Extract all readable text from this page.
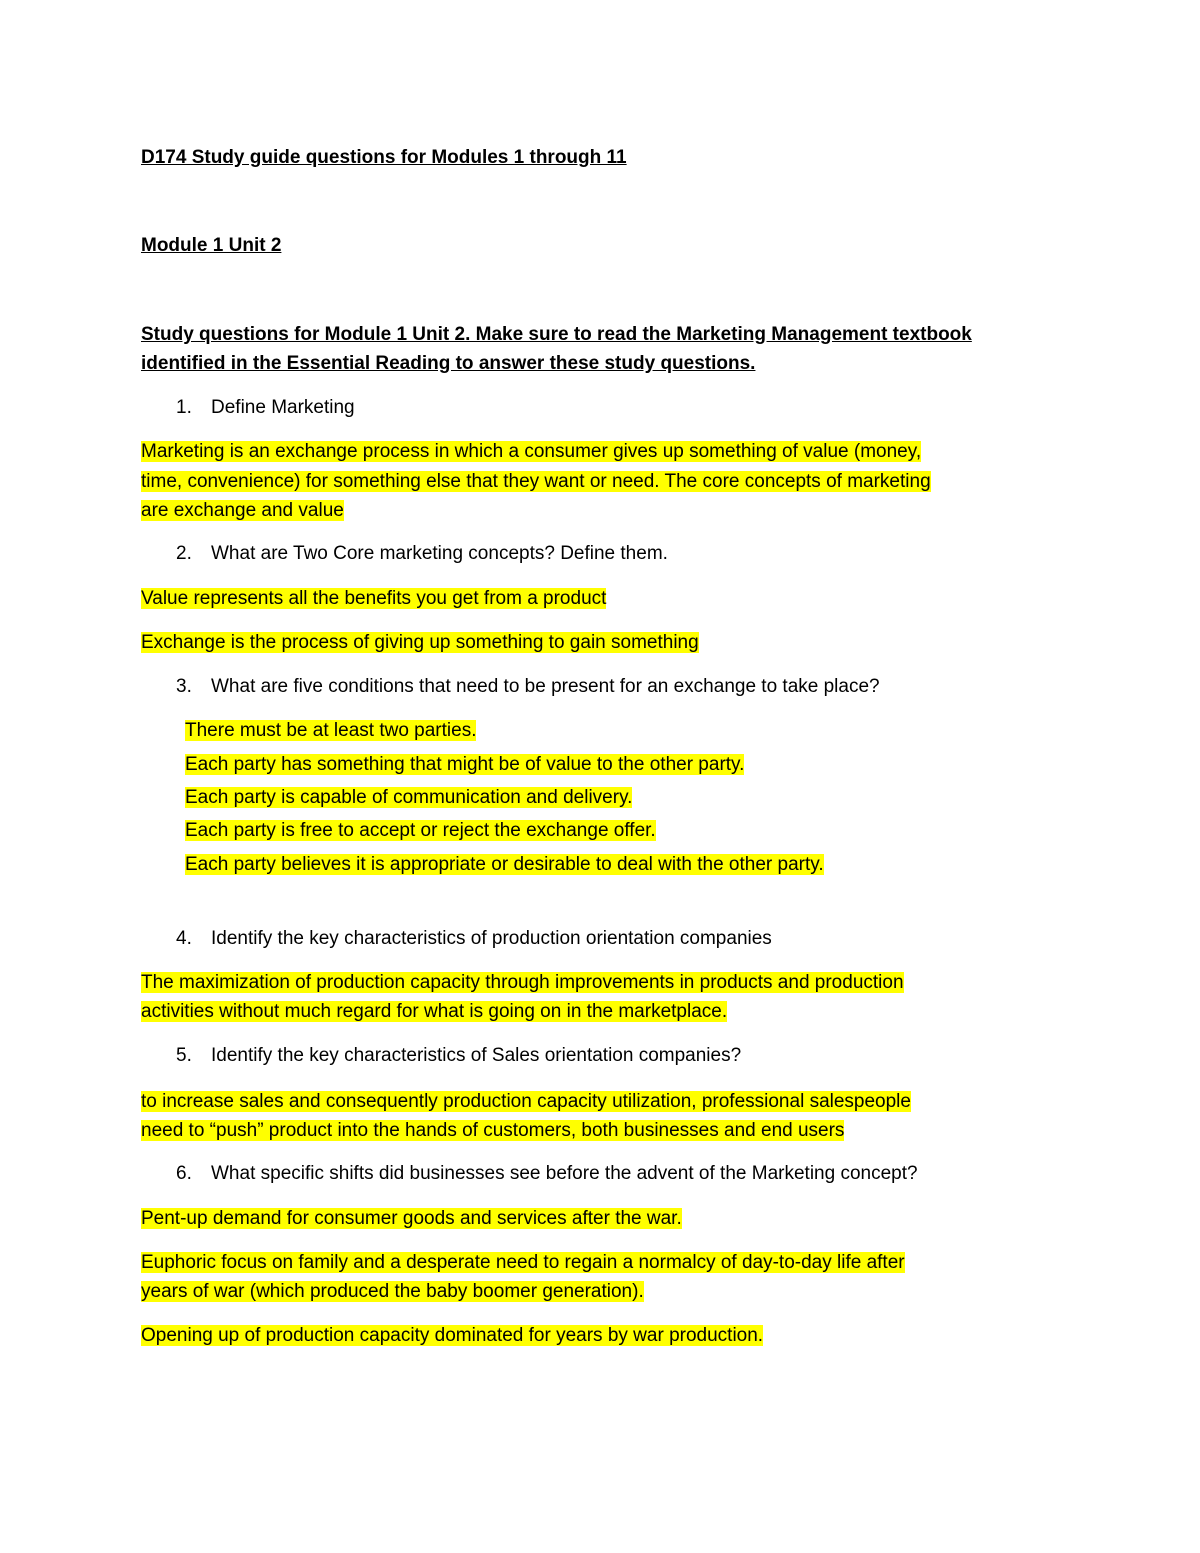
D174 Study guide questions for Modules 1 through 11
Module 1 Unit 2
Study questions for Module 1 Unit 2. Make sure to read the Marketing Management textbook
identified in the Essential Reading to answer these study questions.
1. Define Marketing
Marketing is an exchange process in which a consumer gives up something of value (money,
time, convenience) for something else that they want or need. The core concepts of marketing
are exchange and value
2. What are Two Core marketing concepts? Define them.
Value represents all the benefits you get from a product
Exchange is the process of giving up something to gain something
3. What are five conditions that need to be present for an exchange to take place?
There must be at least two parties.
Each party has something that might be of value to the other party.
Each party is capable of communication and delivery.
Each party is free to accept or reject the exchange offer.
Each party believes it is appropriate or desirable to deal with the other party.
4. Identify the key characteristics of production orientation companies
The maximization of production capacity through improvements in products and production
activities without much regard for what is going on in the marketplace.
5. Identify the key characteristics of Sales orientation companies?
to increase sales and consequently production capacity utilization, professional salespeople
need to “push” product into the hands of customers, both businesses and end users
6. What specific shifts did businesses see before the advent of the Marketing concept?
Pent-up demand for consumer goods and services after the war.
Euphoric focus on family and a desperate need to regain a normalcy of day-to-day life after
years of war (which produced the baby boomer generation).
Opening up of production capacity dominated for years by war production.
